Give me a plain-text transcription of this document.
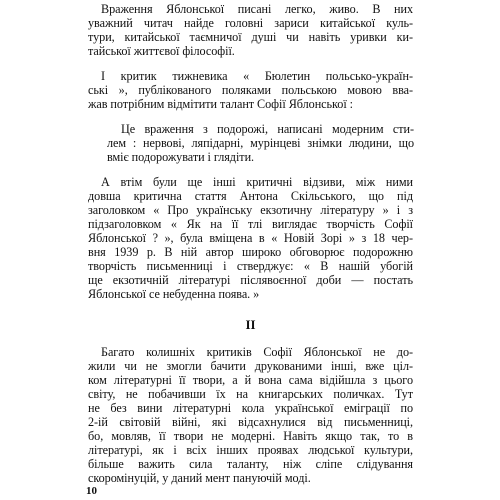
Враження Яблонської писані легко, живо. В них
уважний читач найде головні зариси китайської куль-
тури, китайської таємничої душі чи навіть уривки ки-
тайської життєвої філософії.
І критик тижневика « Бюлетин польсько-україн-
ські », публікованого поляками польською мовою вва-
жав потрібним відмітити талант Софії Яблонської :
Це враження з подорожі, написані модерним сти-
лем : нервові, ляпідарні, мурінцеві знімки людини, що
вміє подорожувати і глядіти.
А втім були ще інші критичні відзиви, між ними
довша критична стаття Антона Скільського, що під
заголовком « Про українську екзотичну літературу » і з
підзаголовком « Як на її тлі виглядає творчість Софії
Яблонської ? », була вміщена в « Новій Зорі » з 18 чер-
вня 1939 р. В ній автор широко обговорює подорожню
творчість письменниці і стверджує: « В нашій убогій
ще екзотичній літературі післявоєнної доби — постать
Яблонської се небуденна поява. »
II
Багато колишніх критиків Софії Яблонської не до-
жили чи не змогли бачити друкованими інші, вже ціл-
ком літературні її твори, а й вона сама відійшла з цього
світу, не побачивши їх на книгарських поличках. Тут
не без вини літературні кола української еміграції по
2-ій світовій війні, які відсахнулися від письменниці,
бо, мовляв, її твори не модерні. Навіть якщо так, то в
літературі, як і всіх інших проявах людської культури,
більше важить сила таланту, ніж сліпе слідування
скоромінуцій, у даний мент пануючій моді.
10
